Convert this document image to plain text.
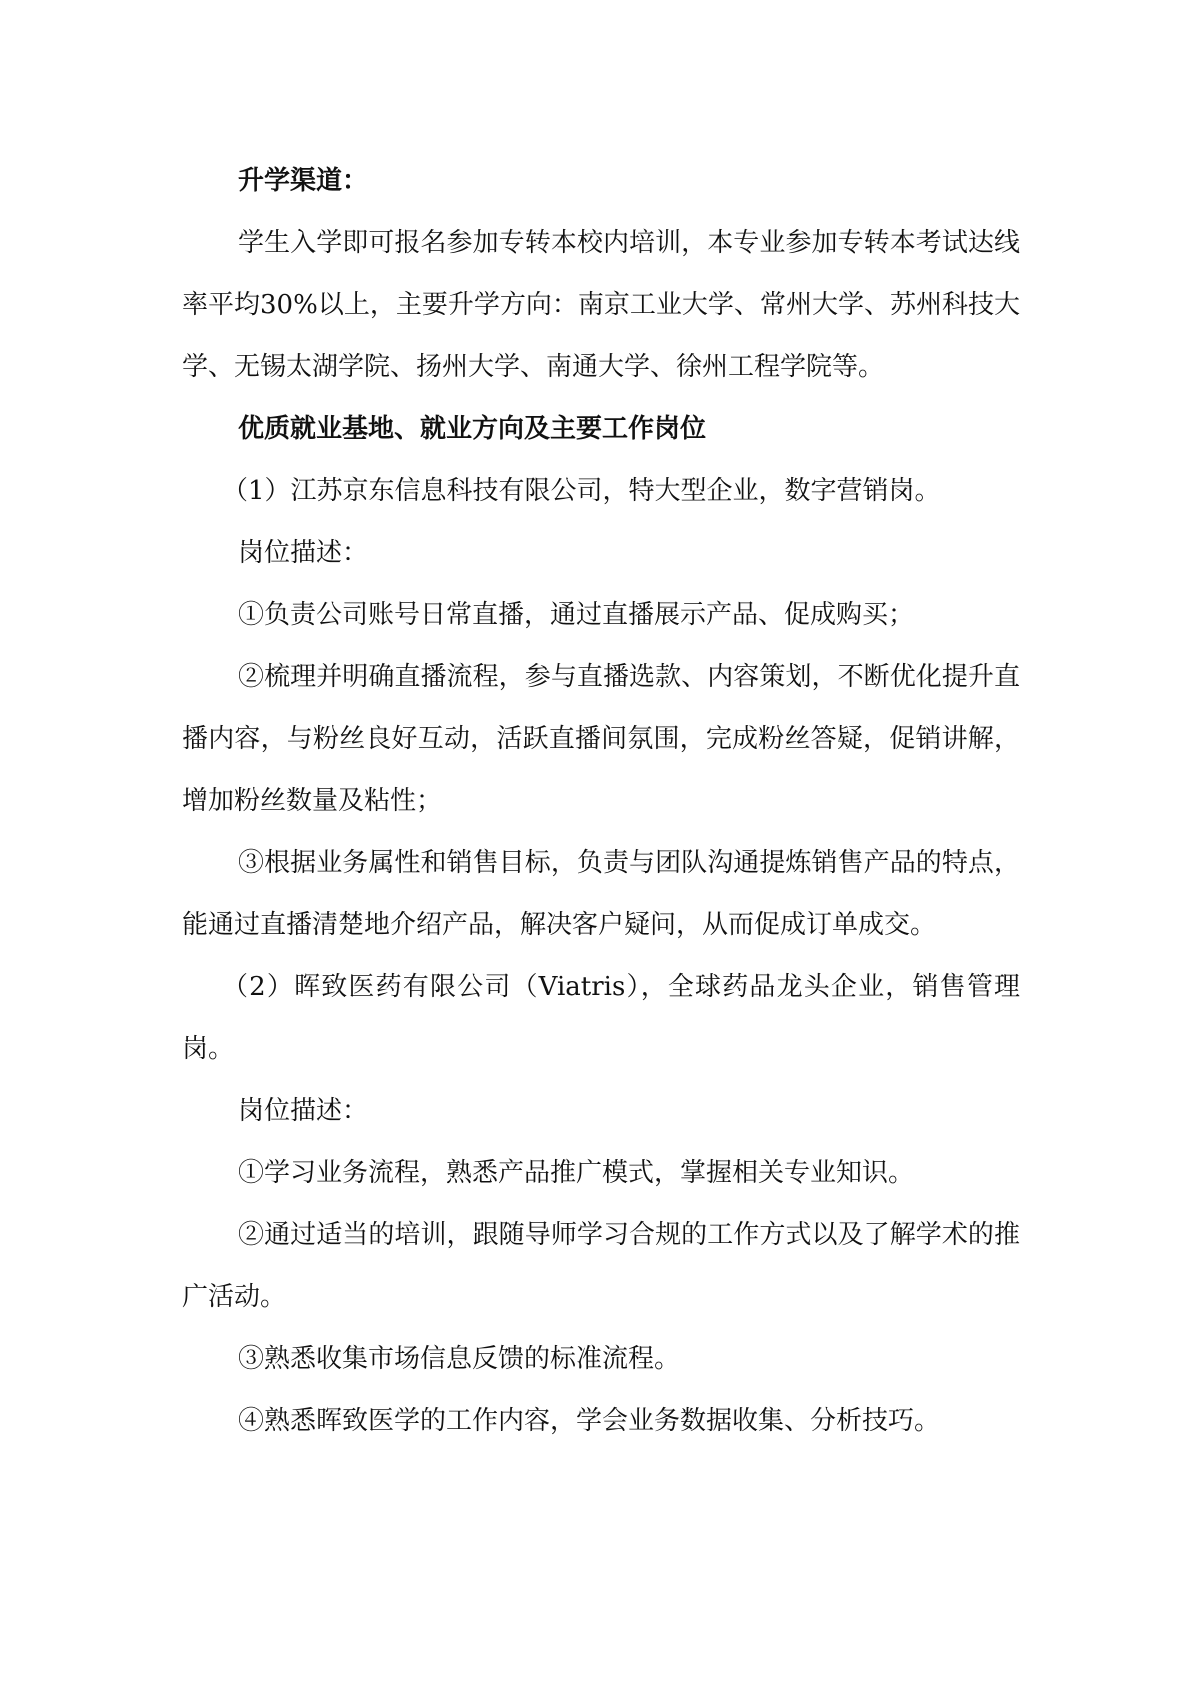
升学渠道：

学生入学即可报名参加专转本校内培训，本专业参加专转本考试达线率平均30%以上，主要升学方向：南京工业大学、常州大学、苏州科技大学、无锡太湖学院、扬州大学、南通大学、徐州工程学院等。

优质就业基地、就业方向及主要工作岗位

（1）江苏京东信息科技有限公司，特大型企业，数字营销岗。

岗位描述：

①负责公司账号日常直播，通过直播展示产品、促成购买；

②梳理并明确直播流程，参与直播选款、内容策划，不断优化提升直播内容，与粉丝良好互动，活跃直播间氛围，完成粉丝答疑，促销讲解，增加粉丝数量及粘性；

③根据业务属性和销售目标，负责与团队沟通提炼销售产品的特点，能通过直播清楚地介绍产品，解决客户疑问，从而促成订单成交。

（2）晖致医药有限公司（Viatris），全球药品龙头企业，销售管理岗。

岗位描述：

①学习业务流程，熟悉产品推广模式，掌握相关专业知识。

②通过适当的培训，跟随导师学习合规的工作方式以及了解学术的推广活动。

③熟悉收集市场信息反馈的标准流程。

④熟悉晖致医学的工作内容，学会业务数据收集、分析技巧。
